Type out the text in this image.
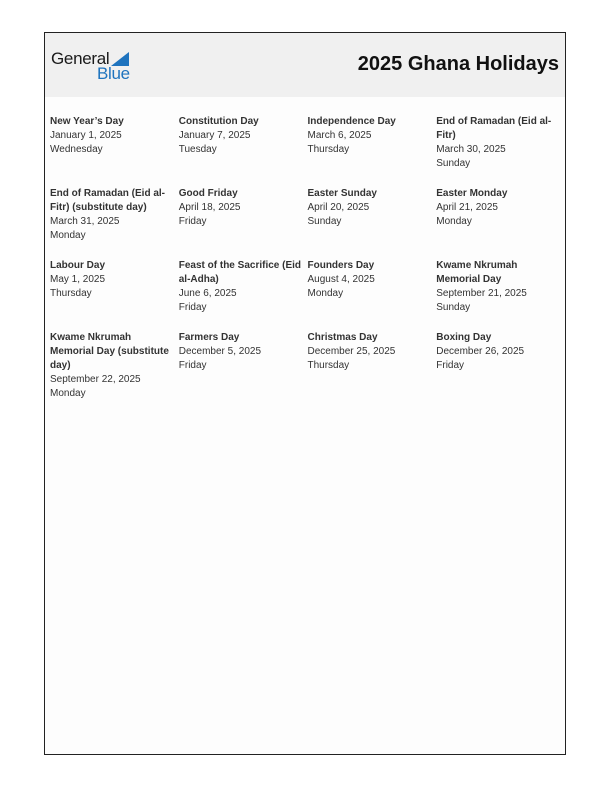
General
Blue	2025 Ghana Holidays
New Year’s Day
January 1, 2025
Wednesday
Constitution Day
January 7, 2025
Tuesday
Independence Day
March 6, 2025
Thursday
End of Ramadan (Eid al-Fitr)
March 30, 2025
Sunday
End of Ramadan (Eid al-Fitr) (substitute day)
March 31, 2025
Monday
Good Friday
April 18, 2025
Friday
Easter Sunday
April 20, 2025
Sunday
Easter Monday
April 21, 2025
Monday
Labour Day
May 1, 2025
Thursday
Feast of the Sacrifice (Eid al-Adha)
June 6, 2025
Friday
Founders Day
August 4, 2025
Monday
Kwame Nkrumah Memorial Day
September 21, 2025
Sunday
Kwame Nkrumah Memorial Day (substitute day)
September 22, 2025
Monday
Farmers Day
December 5, 2025
Friday
Christmas Day
December 25, 2025
Thursday
Boxing Day
December 26, 2025
Friday
